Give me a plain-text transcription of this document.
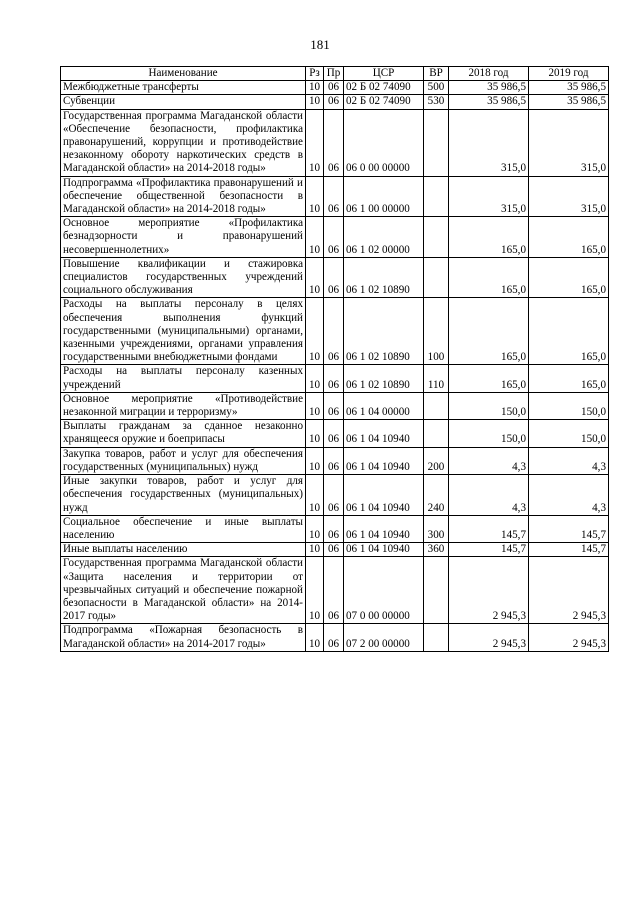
181
Наименование	Рз	Пр	ЦСР	ВР	2018 год	2019 год
Межбюджетные трансферты	10	06	02 Б 02 74090	500	35 986,5	35 986,5
Субвенции	10	06	02 Б 02 74090	530	35 986,5	35 986,5
Государственная программа Магаданской области «Обеспечение безопасности, профилактика правонарушений, коррупции и противодействие незаконному обороту наркотических средств в Магаданской области» на 2014-2018 годы»	10	06	06 0 00 00000		315,0	315,0
Подпрограмма «Профилактика правонарушений и обеспечение общественной безопасности в Магаданской области» на 2014-2018 годы»	10	06	06 1 00 00000		315,0	315,0
Основное мероприятие «Профилактика безнадзорности и правонарушений несовершеннолетних»	10	06	06 1 02 00000		165,0	165,0
Повышение квалификации и стажировка специалистов государственных учреждений социального обслуживания	10	06	06 1 02 10890		165,0	165,0
Расходы на выплаты персоналу в целях обеспечения выполнения функций государственными (муниципальными) органами, казенными учреждениями, органами управления государственными внебюджетными фондами	10	06	06 1 02 10890	100	165,0	165,0
Расходы на выплаты персоналу казенных учреждений	10	06	06 1 02 10890	110	165,0	165,0
Основное мероприятие «Противодействие незаконной миграции и терроризму»	10	06	06 1 04 00000		150,0	150,0
Выплаты гражданам за сданное незаконно хранящееся оружие и боеприпасы	10	06	06 1 04 10940		150,0	150,0
Закупка товаров, работ и услуг для обеспечения государственных (муниципальных) нужд	10	06	06 1 04 10940	200	4,3	4,3
Иные закупки товаров, работ и услуг для обеспечения государственных (муниципальных) нужд	10	06	06 1 04 10940	240	4,3	4,3
Социальное обеспечение и иные выплаты населению	10	06	06 1 04 10940	300	145,7	145,7
Иные выплаты населению	10	06	06 1 04 10940	360	145,7	145,7
Государственная программа Магаданской области «Защита населения и территории от чрезвычайных ситуаций и обеспечение пожарной безопасности в Магаданской области» на 2014-2017 годы»	10	06	07 0 00 00000		2 945,3	2 945,3
Подпрограмма «Пожарная безопасность в Магаданской области» на 2014-2017 годы»	10	06	07 2 00 00000		2 945,3	2 945,3
